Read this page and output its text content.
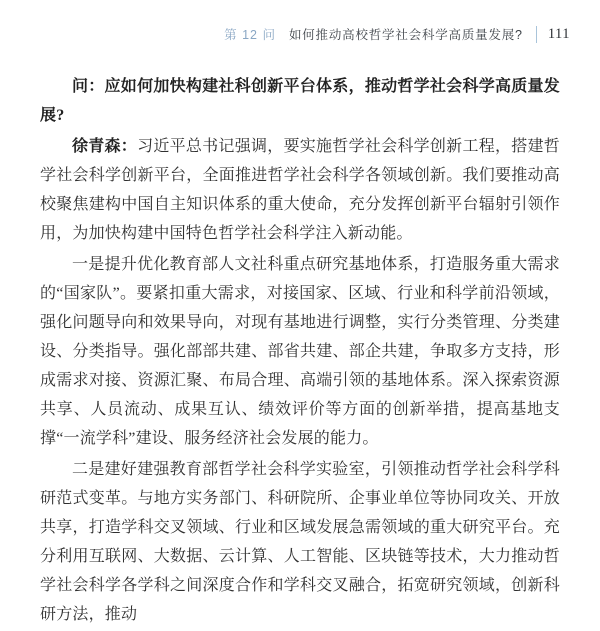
第 12 问 如何推动高校哲学社会科学高质量发展? 111

问：应如何加快构建社科创新平台体系，推动哲学社会科学高质量发展?

徐青森：习近平总书记强调，要实施哲学社会科学创新工程，搭建哲学社会科学创新平台，全面推进哲学社会科学各领域创新。我们要推动高校聚焦建构中国自主知识体系的重大使命，充分发挥创新平台辐射引领作用，为加快构建中国特色哲学社会科学注入新动能。

一是提升优化教育部人文社科重点研究基地体系，打造服务重大需求的“国家队”。要紧扣重大需求，对接国家、区域、行业和科学前沿领域，强化问题导向和效果导向，对现有基地进行调整，实行分类管理、分类建设、分类指导。强化部部共建、部省共建、部企共建，争取多方支持，形成需求对接、资源汇聚、布局合理、高端引领的基地体系。深入探索资源共享、人员流动、成果互认、绩效评价等方面的创新举措，提高基地支撑“一流学科”建设、服务经济社会发展的能力。

二是建好建强教育部哲学社会科学实验室，引领推动哲学社会科学科研范式变革。与地方实务部门、科研院所、企事业单位等协同攻关、开放共享，打造学科交叉领域、行业和区域发展急需领域的重大研究平台。充分利用互联网、大数据、云计算、人工智能、区块链等技术，大力推动哲学社会科学各学科之间深度合作和学科交叉融合，拓宽研究领域，创新科研方法，推动
